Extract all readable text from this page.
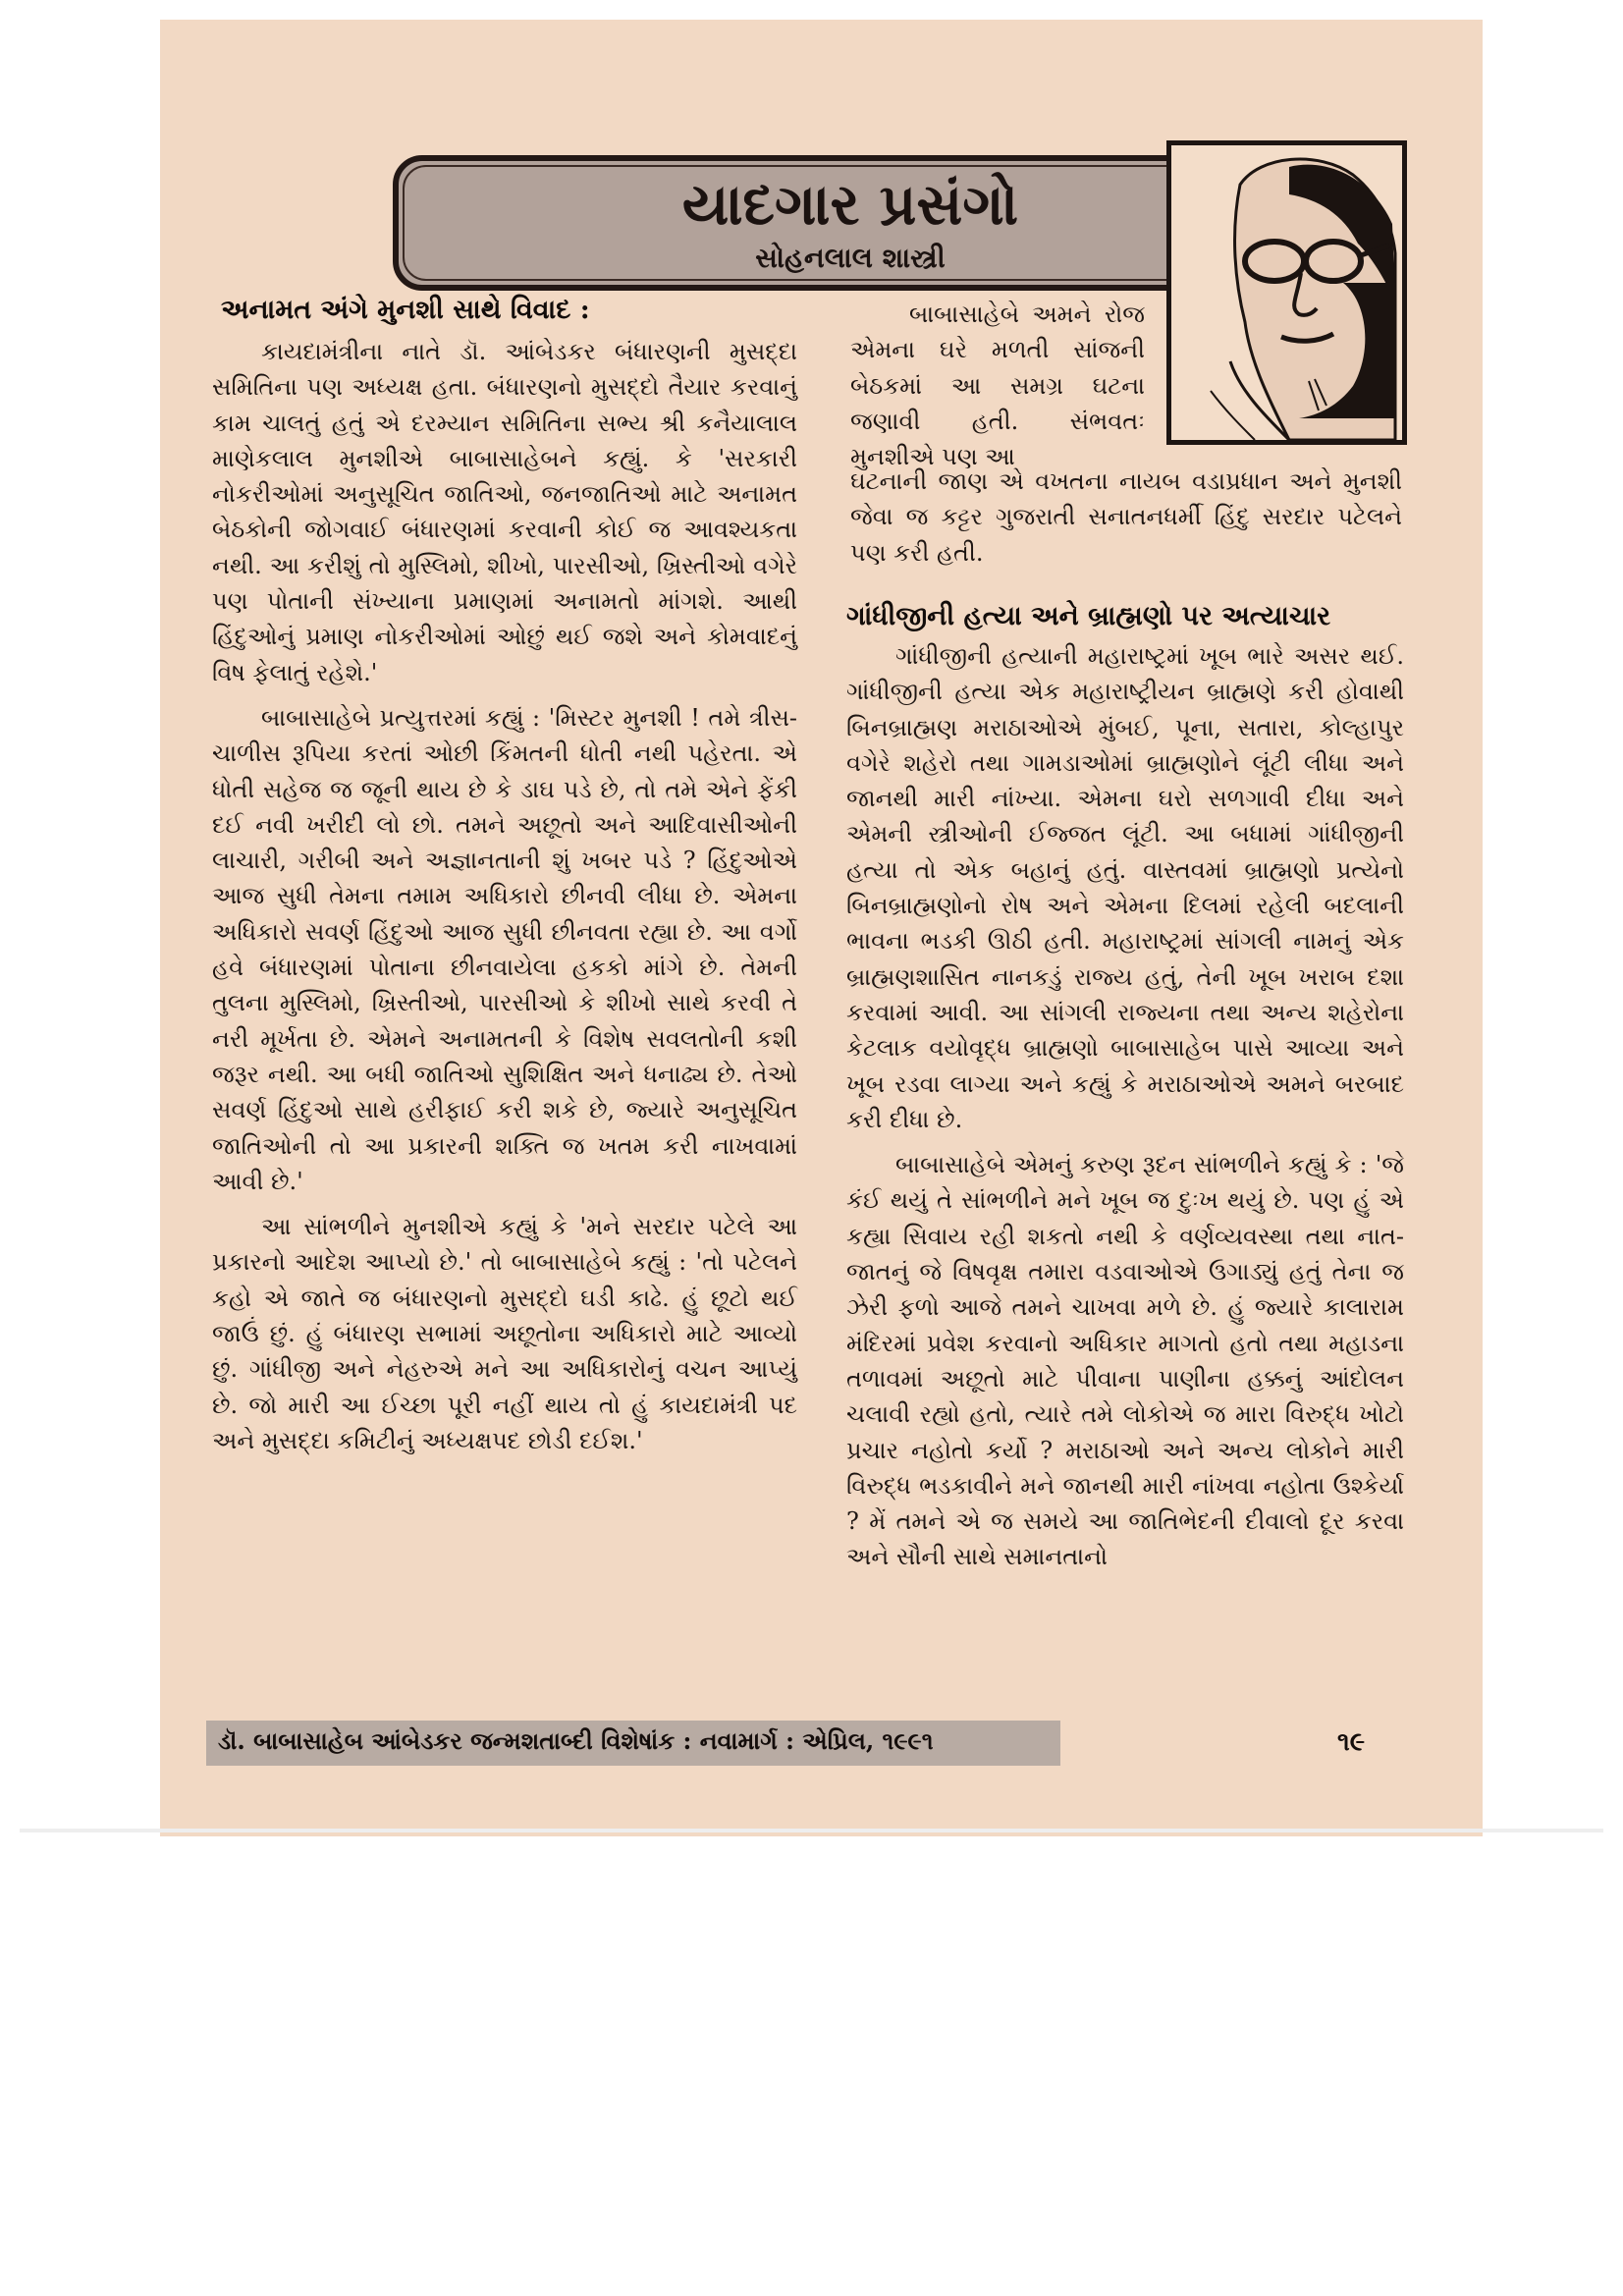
યાદગાર પ્રસંગો
સોહનલાલ શાસ્ત્રી
અનામત અંગે મુનશી સાથે વિવાદ :

કાયદામંત્રીના નાતે ડૉ. આંબેડકર બંધારણની મુસદ્દા સમિતિના પણ અધ્યક્ષ હતા. બંધારણનો મુસદ્દો તૈયાર કરવાનું કામ ચાલતું હતું એ દરમ્યાન સમિતિના સભ્ય શ્રી કનૈયાલાલ માણેકલાલ મુનશીએ બાબાસાહેબને કહ્યું. કે 'સરકારી નોકરીઓમાં અનુસૂચિત જાતિઓ, જનજાતિઓ માટે અનામત બેઠકોની જોગવાઈ બંધારણમાં કરવાની કોઈ જ આવશ્યકતા નથી. આ કરીશું તો મુસ્લિમો, શીખો, પારસીઓ, ખ્રિસ્તીઓ વગેરે પણ પોતાની સંખ્યાના પ્રમાણમાં અનામતો માંગશે. આથી હિંદુઓનું પ્રમાણ નોકરીઓમાં ઓછું થઈ જશે અને કોમવાદનું વિષ ફેલાતું રહેશે.'

બાબાસાહેબે પ્રત્યુત્તરમાં કહ્યું : 'મિસ્ટર મુનશી ! તમે ત્રીસ-ચાળીસ રૂપિયા કરતાં ઓછી કિંમતની ધોતી નથી પહેરતા. એ ધોતી સહેજ જ જૂની થાય છે કે ડાઘ પડે છે, તો તમે એને ફેંકી દઈ નવી ખરીદી લો છો. તમને અછૂતો અને આદિવાસીઓની લાચારી, ગરીબી અને અજ્ઞાનતાની શું ખબર પડે ? હિંદુઓએ આજ સુધી તેમના તમામ અધિકારો છીનવી લીધા છે. એમના અધિકારો સવર્ણ હિંદુઓ આજ સુધી છીનવતા રહ્યા છે. આ વર્ગો હવે બંધારણમાં પોતાના છીનવાયેલા હકકો માંગે છે. તેમની તુલના મુસ્લિમો, ખ્રિસ્તીઓ, પારસીઓ કે શીખો સાથે કરવી તે નરી મૂર્ખતા છે. એમને અનામતની કે વિશેષ સવલતોની કશી જરૂર નથી. આ બધી જાતિઓ સુશિક્ષિત અને ધનાઢ્ય છે. તેઓ સવર્ણ હિંદુઓ સાથે હરીફાઈ કરી શકે છે, જ્યારે અનુસૂચિત જાતિઓની તો આ પ્રકારની શક્તિ જ ખતમ કરી નાખવામાં આવી છે.'

આ સાંભળીને મુનશીએ કહ્યું કે 'મને સરદાર પટેલે આ પ્રકારનો આદેશ આપ્યો છે.' તો બાબાસાહેબે કહ્યું : 'તો પટેલને કહો એ જાતે જ બંધારણનો મુસદ્દો ઘડી કાઢે. હું છૂટો થઈ જાઉં છું. હું બંધારણ સભામાં અછૂતોના અધિકારો માટે આવ્યો છું. ગાંધીજી અને નેહરુએ મને આ અધિકારોનું વચન આપ્યું છે. જો મારી આ ઈચ્છા પૂરી નહીં થાય તો હું કાયદામંત્રી પદ અને મુસદ્દા કમિટીનું અધ્યક્ષપદ છોડી દઈશ.'

બાબાસાહેબે અમને રોજ એમના ઘરે મળતી સાંજની બેઠકમાં આ સમગ્ર ઘટના જણાવી હતી. સંભવતઃ મુનશીએ પણ આ

ઘટનાની જાણ એ વખતના નાયબ વડાપ્રધાન અને મુનશી જેવા જ કટ્ટર ગુજરાતી સનાતનધર્મી હિંદુ સરદાર પટેલને પણ કરી હતી.

ગાંધીજીની હત્યા અને બ્રાહ્મણો પર અત્યાચાર

ગાંધીજીની હત્યાની મહારાષ્ટ્રમાં ખૂબ ભારે અસર થઈ. ગાંધીજીની હત્યા એક મહારાષ્ટ્રીયન બ્રાહ્મણે કરી હોવાથી બિનબ્રાહ્મણ મરાઠાઓએ મુંબઈ, પૂના, સતારા, કોલ્હાપુર વગેરે શહેરો તથા ગામડાઓમાં બ્રાહ્મણોને લૂંટી લીધા અને જાનથી મારી નાંખ્યા. એમના ઘરો સળગાવી દીધા અને એમની સ્ત્રીઓની ઈજ્જત લૂંટી. આ બધામાં ગાંધીજીની હત્યા તો એક બહાનું હતું. વાસ્તવમાં બ્રાહ્મણો પ્રત્યેનો બિનબ્રાહ્મણોનો રોષ અને એમના દિલમાં રહેલી બદલાની ભાવના ભડકી ઊઠી હતી. મહારાષ્ટ્રમાં સાંગલી નામનું એક બ્રાહ્મણશાસિત નાનકડું રાજ્ય હતું, તેની ખૂબ ખરાબ દશા કરવામાં આવી. આ સાંગલી રાજ્યના તથા અન્ય શહેરોના કેટલાક વયોવૃદ્ધ બ્રાહ્મણો બાબાસાહેબ પાસે આવ્યા અને ખૂબ રડવા લાગ્યા અને કહ્યું કે મરાઠાઓએ અમને બરબાદ કરી દીધા છે.

બાબાસાહેબે એમનું કરુણ રૂદન સાંભળીને કહ્યું કે : 'જે કંઈ થયું તે સાંભળીને મને ખૂબ જ દુઃખ થયું છે. પણ હું એ કહ્યા સિવાય રહી શકતો નથી કે વર્ણવ્યવસ્થા તથા નાત-જાતનું જે વિષવૃક્ષ તમારા વડવાઓએ ઉગાડ્યું હતું તેના જ ઝેરી ફળો આજે તમને ચાખવા મળે છે. હું જ્યારે કાલારામ મંદિરમાં પ્રવેશ કરવાનો અધિકાર માગતો હતો તથા મહાડના તળાવમાં અછૂતો માટે પીવાના પાણીના હક્કનું આંદોલન ચલાવી રહ્યો હતો, ત્યારે તમે લોકોએ જ મારા વિરુદ્ધ ખોટો પ્રચાર નહોતો કર્યો ? મરાઠાઓ અને અન્ય લોકોને મારી વિરુદ્ધ ભડકાવીને મને જાનથી મારી નાંખવા નહોતા ઉશ્કેર્યા ? મેં તમને એ જ સમયે આ જાતિભેદની દીવાલો દૂર કરવા અને સૌની સાથે સમાનતાનો

ડૉ. બાબાસાહેબ આંબેડકર જન્મશતાબ્દી વિશેષાંક : નવામાર્ગ : એપ્રિલ, ૧૯૯૧	૧૯
